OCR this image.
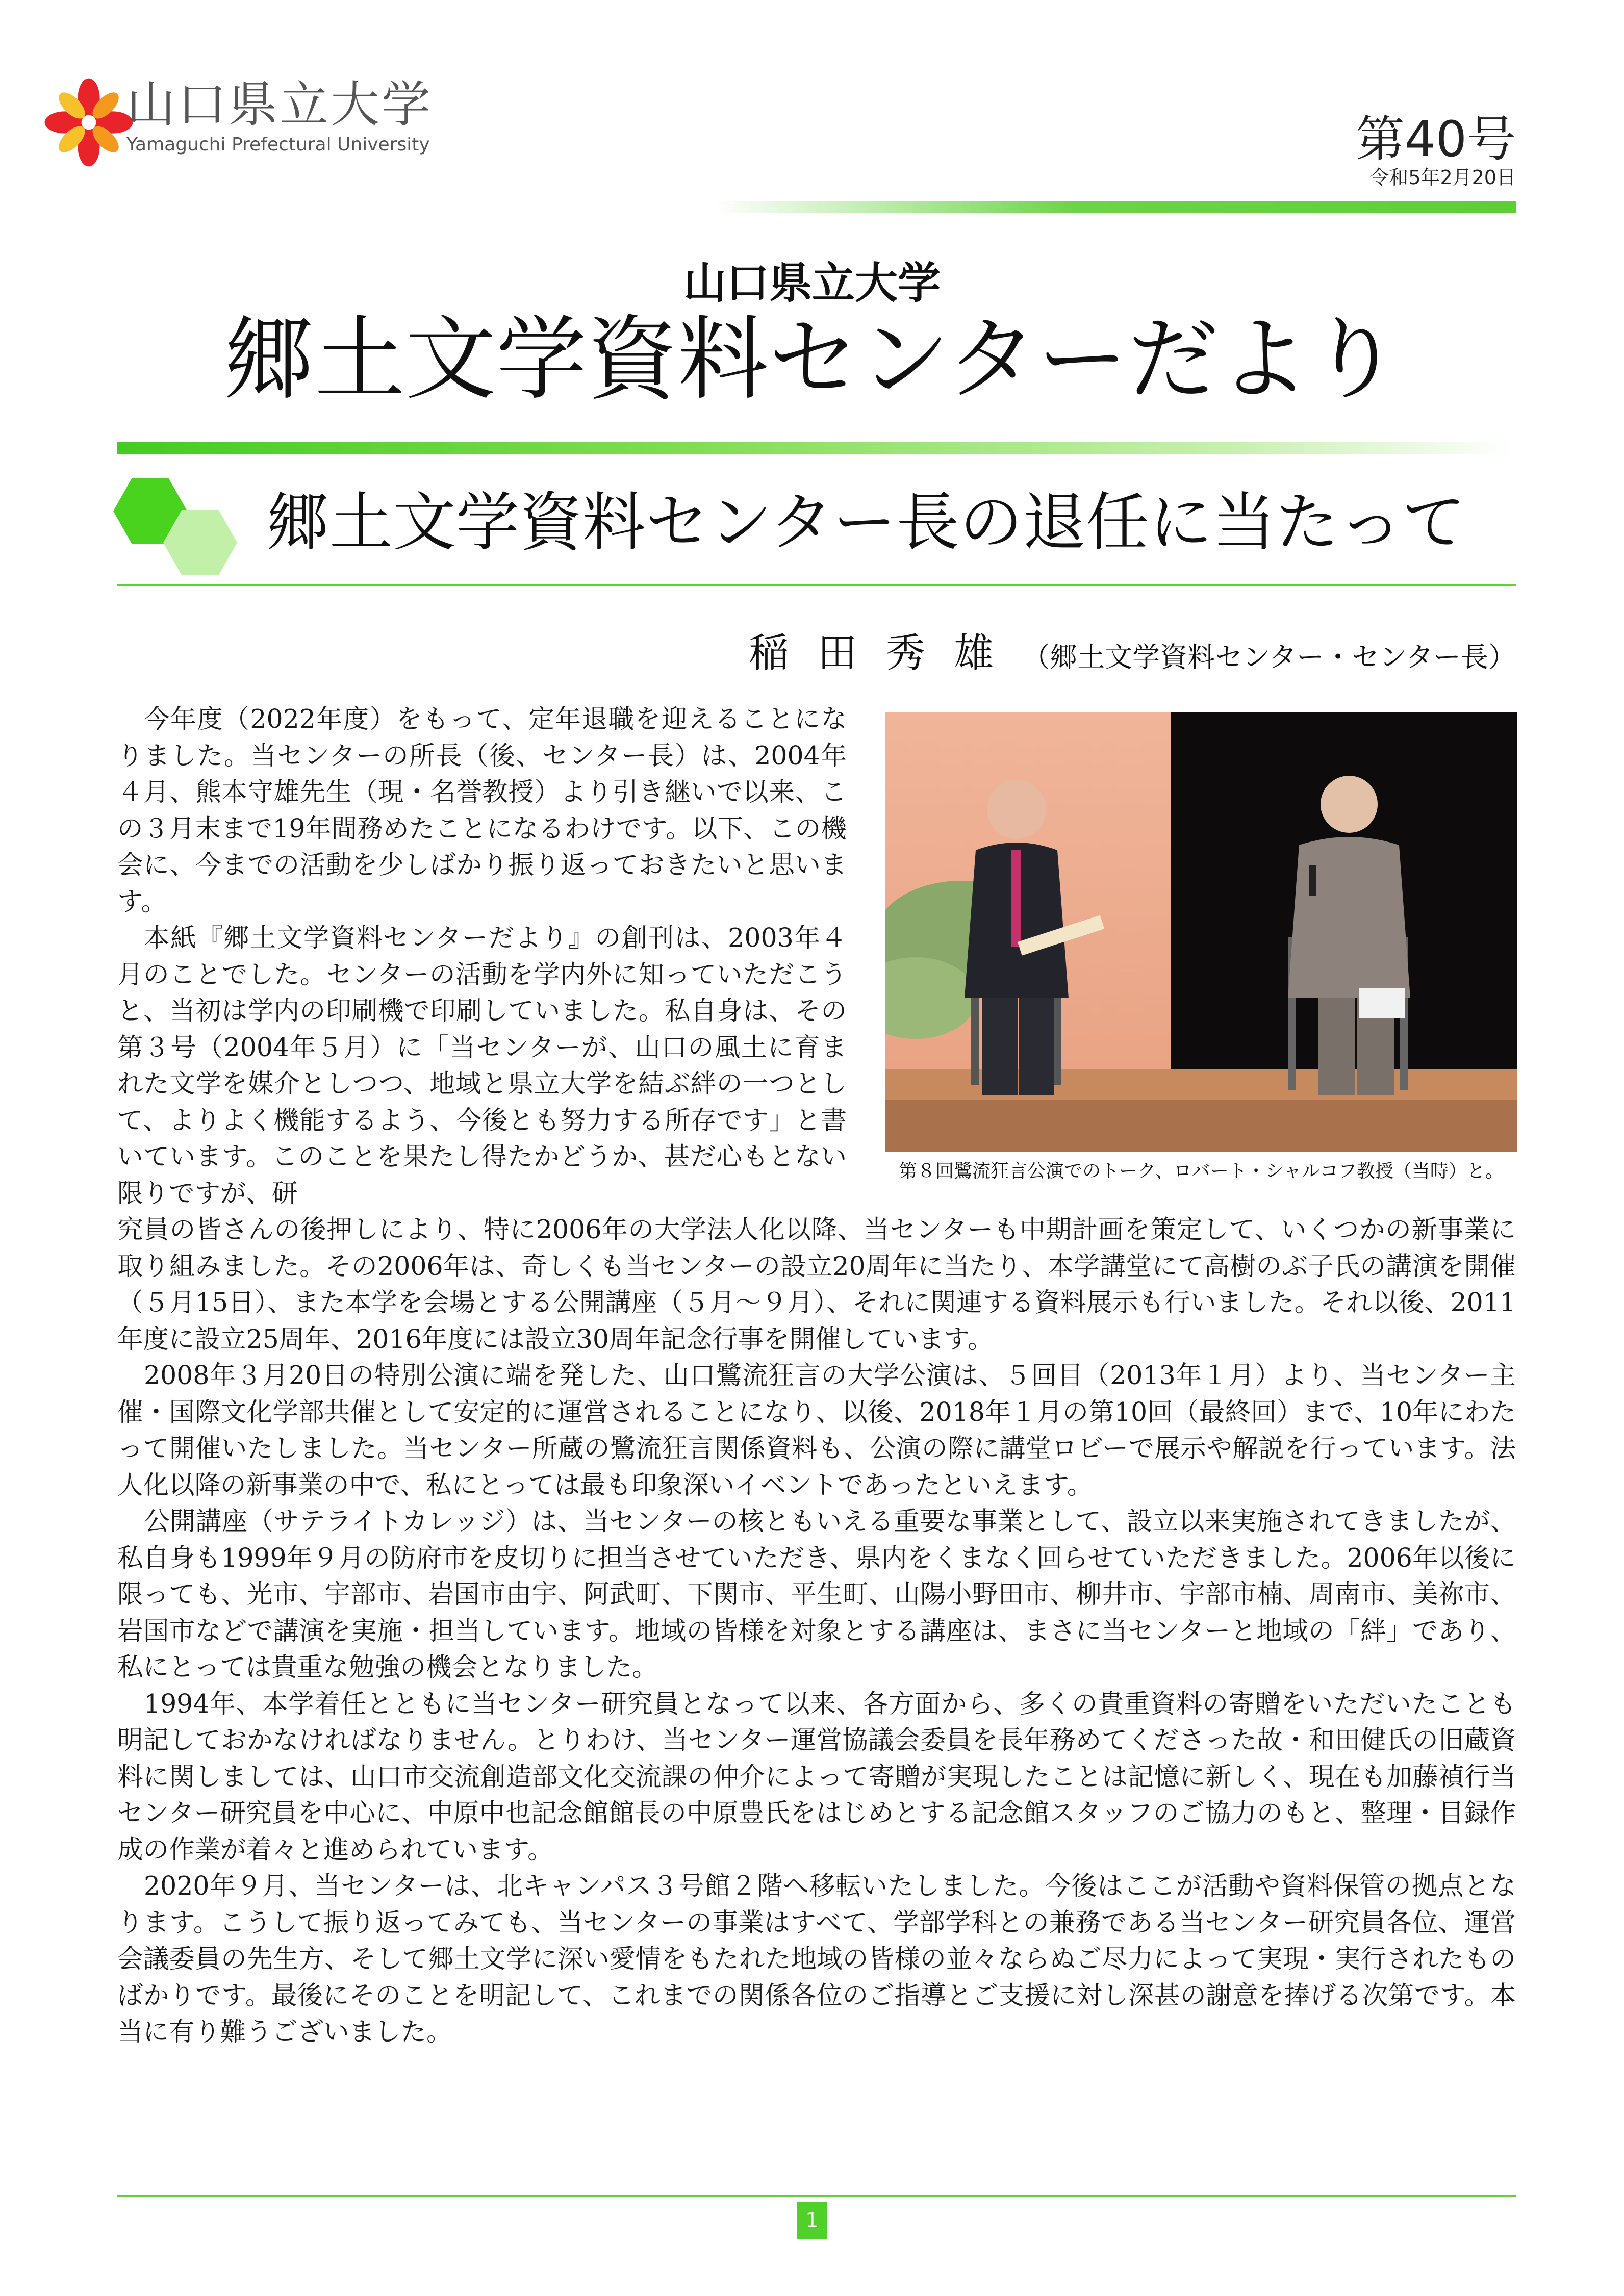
山口県立大学
Yamaguchi Prefectural University	第40号
令和5年2月20日
山口県立大学
郷土文学資料センターだより
郷土文学資料センター長の退任に当たって
稲田秀雄（郷土文学資料センター・センター長）
第８回鷺流狂言公演でのトーク、ロバート・シャルコフ教授（当時）と。

今年度（2022年度）をもって、定年退職を迎えることになりました。当センターの所長（後、センター長）は、2004年４月、熊本守雄先生（現・名誉教授）より引き継いで以来、この３月末まで19年間務めたことになるわけです。以下、この機会に、今までの活動を少しばかり振り返っておきたいと思います。

本紙『郷土文学資料センターだより』の創刊は、2003年４月のことでした。センターの活動を学内外に知っていただこうと、当初は学内の印刷機で印刷していました。私自身は、その第３号（2004年５月）に「当センターが、山口の風土に育まれた文学を媒介としつつ、地域と県立大学を結ぶ絆の一つとして、よりよく機能するよう、今後とも努力する所存です」と書いています。このことを果たし得たかどうか、甚だ心もとない限りですが、研

究員の皆さんの後押しにより、特に2006年の大学法人化以降、当センターも中期計画を策定して、いくつかの新事業に取り組みました。その2006年は、奇しくも当センターの設立20周年に当たり、本学講堂にて高樹のぶ子氏の講演を開催（５月15日）、また本学を会場とする公開講座（５月～９月）、それに関連する資料展示も行いました。それ以後、2011年度に設立25周年、2016年度には設立30周年記念行事を開催しています。

2008年３月20日の特別公演に端を発した、山口鷺流狂言の大学公演は、５回目（2013年１月）より、当センター主催・国際文化学部共催として安定的に運営されることになり、以後、2018年１月の第10回（最終回）まで、10年にわたって開催いたしました。当センター所蔵の鷺流狂言関係資料も、公演の際に講堂ロビーで展示や解説を行っています。法人化以降の新事業の中で、私にとっては最も印象深いイベントであったといえます。

公開講座（サテライトカレッジ）は、当センターの核ともいえる重要な事業として、設立以来実施されてきましたが、私自身も1999年９月の防府市を皮切りに担当させていただき、県内をくまなく回らせていただきました。2006年以後に限っても、光市、宇部市、岩国市由宇、阿武町、下関市、平生町、山陽小野田市、柳井市、宇部市楠、周南市、美祢市、岩国市などで講演を実施・担当しています。地域の皆様を対象とする講座は、まさに当センターと地域の「絆」であり、私にとっては貴重な勉強の機会となりました。

1994年、本学着任とともに当センター研究員となって以来、各方面から、多くの貴重資料の寄贈をいただいたことも明記しておかなければなりません。とりわけ、当センター運営協議会委員を長年務めてくださった故・和田健氏の旧蔵資料に関しましては、山口市交流創造部文化交流課の仲介によって寄贈が実現したことは記憶に新しく、現在も加藤禎行当センター研究員を中心に、中原中也記念館館長の中原豊氏をはじめとする記念館スタッフのご協力のもと、整理・目録作成の作業が着々と進められています。

2020年９月、当センターは、北キャンパス３号館２階へ移転いたしました。今後はここが活動や資料保管の拠点となります。こうして振り返ってみても、当センターの事業はすべて、学部学科との兼務である当センター研究員各位、運営会議委員の先生方、そして郷土文学に深い愛情をもたれた地域の皆様の並々ならぬご尽力によって実現・実行されたものばかりです。最後にそのことを明記して、これまでの関係各位のご指導とご支援に対し深甚の謝意を捧げる次第です。本当に有り難うございました。

1
